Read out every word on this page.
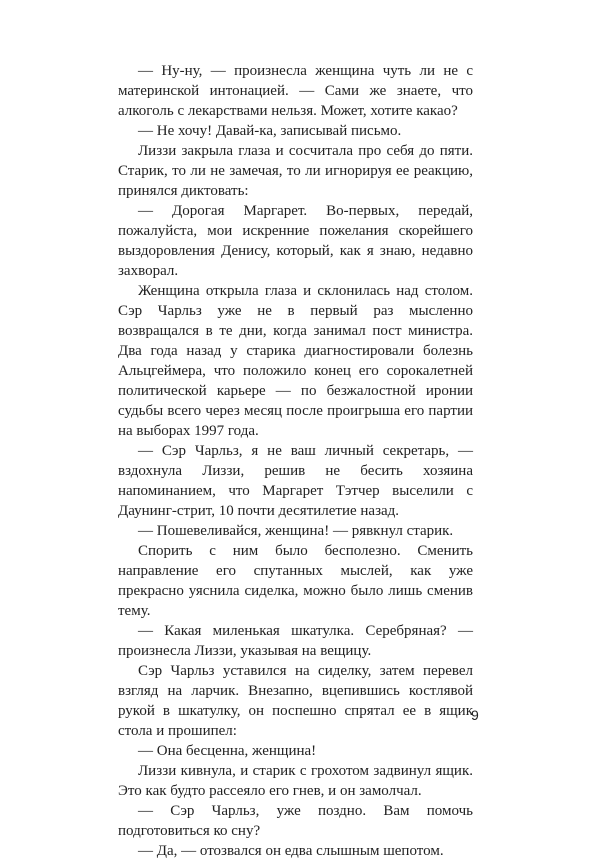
— Ну-ну, — произнесла женщина чуть ли не с материнской интонацией. — Сами же знаете, что алкоголь с лекарствами нельзя. Может, хотите какао?

— Не хочу! Давай-ка, записывай письмо.

Лиззи закрыла глаза и сосчитала про себя до пяти. Старик, то ли не замечая, то ли игнорируя ее реакцию, принялся диктовать:

— Дорогая Маргарет. Во-первых, передай, пожалуйста, мои искренние пожелания скорейшего выздоровления Денису, который, как я знаю, недавно захворал.

Женщина открыла глаза и склонилась над столом. Сэр Чарльз уже не в первый раз мысленно возвращался в те дни, когда занимал пост министра. Два года назад у старика диагностировали болезнь Альцгеймера, что положило конец его сорокалетней политической карьере — по безжалостной иронии судьбы всего через месяц после проигрыша его партии на выборах 1997 года.

— Сэр Чарльз, я не ваш личный секретарь, — вздохнула Лиззи, решив не бесить хозяина напоминанием, что Маргарет Тэтчер выселили с Даунинг-стрит, 10 почти десятилетие назад.

— Пошевеливайся, женщина! — рявкнул старик.

Спорить с ним было бесполезно. Сменить направление его спутанных мыслей, как уже прекрасно уяснила сиделка, можно было лишь сменив тему.

— Какая миленькая шкатулка. Серебряная? — произнесла Лиззи, указывая на вещицу.

Сэр Чарльз уставился на сиделку, затем перевел взгляд на ларчик. Внезапно, вцепившись костлявой рукой в шкатулку, он поспешно спрятал ее в ящик стола и прошипел:

— Она бесценна, женщина!

Лиззи кивнула, и старик с грохотом задвинул ящик. Это как будто рассеяло его гнев, и он замолчал.

— Сэр Чарльз, уже поздно. Вам помочь подготовиться ко сну?

— Да, — отозвался он едва слышным шепотом.

9
